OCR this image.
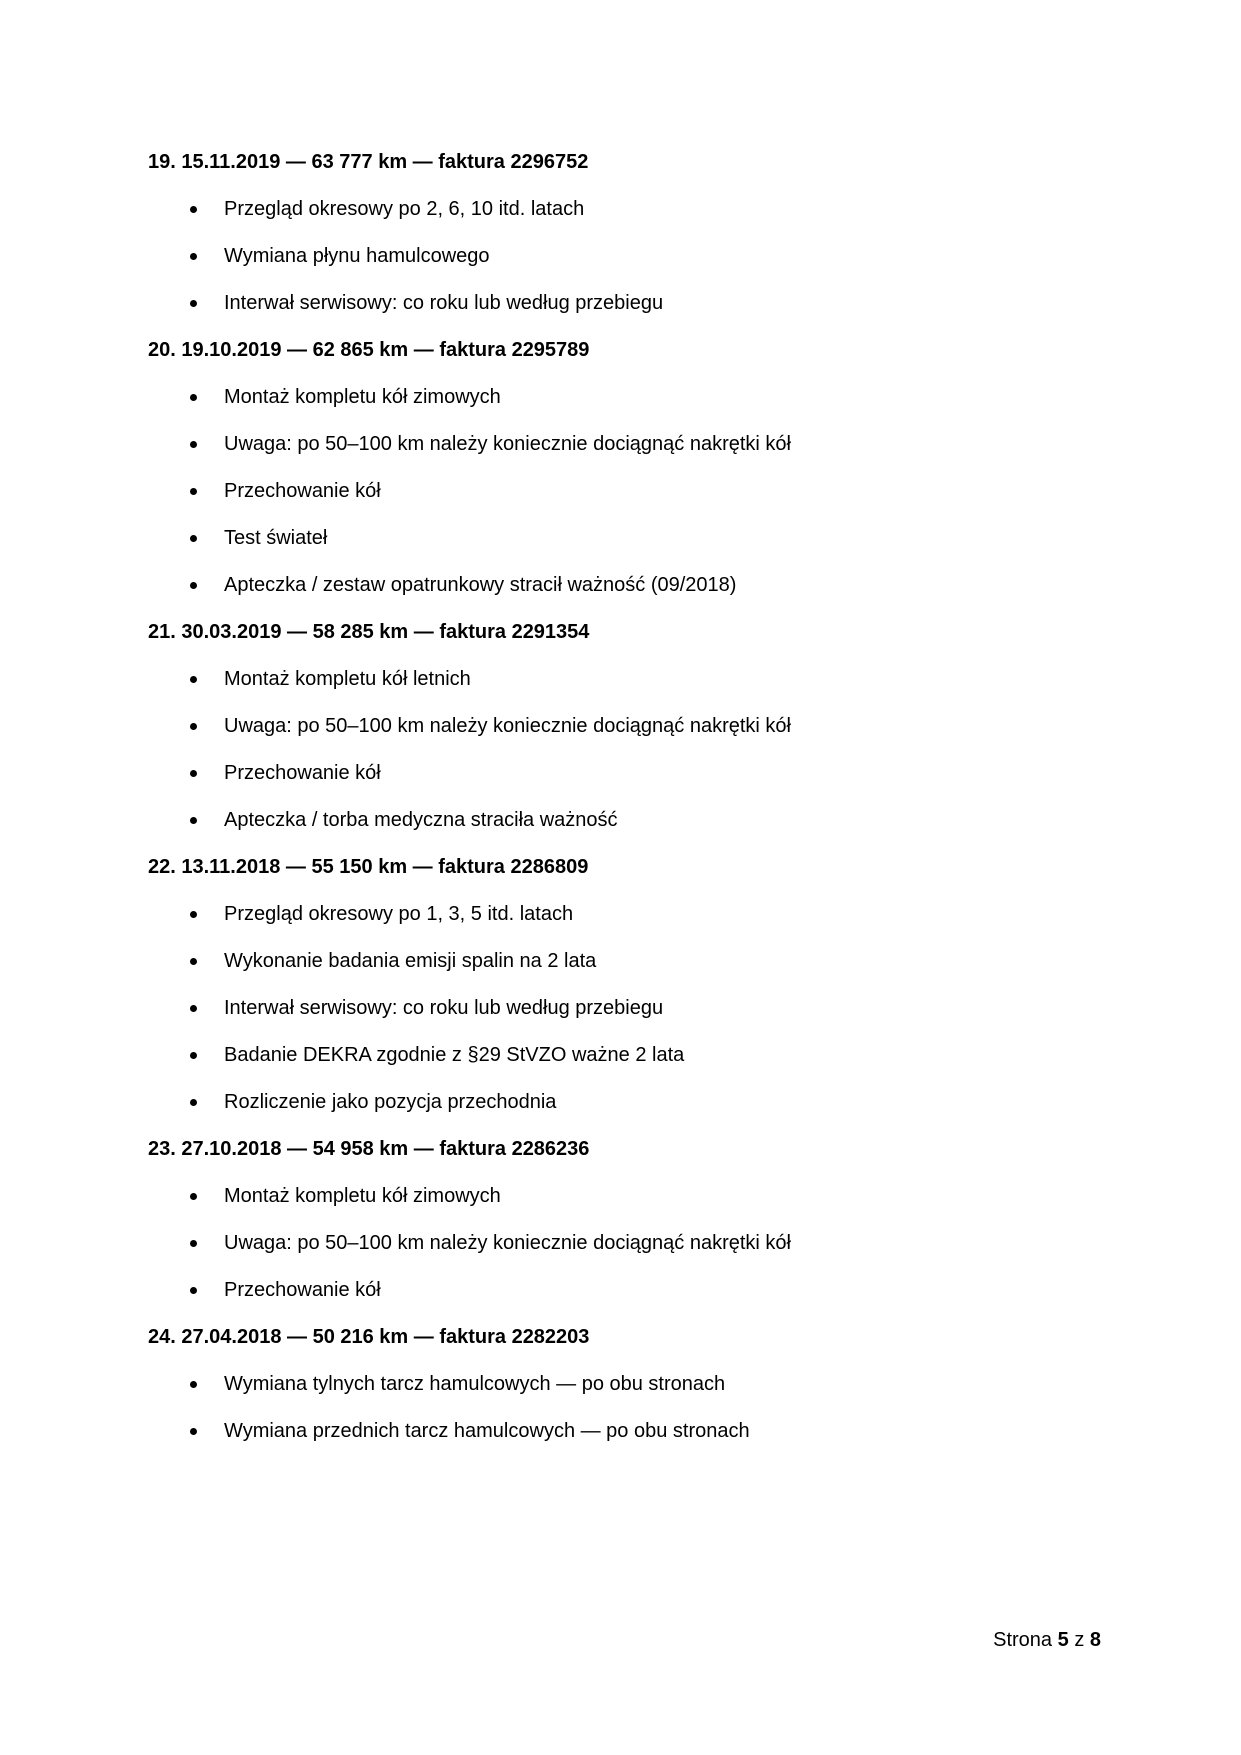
19. 15.11.2019 — 63 777 km — faktura 2296752
Przegląd okresowy po 2, 6, 10 itd. latach
Wymiana płynu hamulcowego
Interwał serwisowy: co roku lub według przebiegu
20. 19.10.2019 — 62 865 km — faktura 2295789
Montaż kompletu kół zimowych
Uwaga: po 50–100 km należy koniecznie dociągnąć nakrętki kół
Przechowanie kół
Test świateł
Apteczka / zestaw opatrunkowy stracił ważność (09/2018)
21. 30.03.2019 — 58 285 km — faktura 2291354
Montaż kompletu kół letnich
Uwaga: po 50–100 km należy koniecznie dociągnąć nakrętki kół
Przechowanie kół
Apteczka / torba medyczna straciła ważność
22. 13.11.2018 — 55 150 km — faktura 2286809
Przegląd okresowy po 1, 3, 5 itd. latach
Wykonanie badania emisji spalin na 2 lata
Interwał serwisowy: co roku lub według przebiegu
Badanie DEKRA zgodnie z §29 StVZO ważne 2 lata
Rozliczenie jako pozycja przechodnia
23. 27.10.2018 — 54 958 km — faktura 2286236
Montaż kompletu kół zimowych
Uwaga: po 50–100 km należy koniecznie dociągnąć nakrętki kół
Przechowanie kół
24. 27.04.2018 — 50 216 km — faktura 2282203
Wymiana tylnych tarcz hamulcowych — po obu stronach
Wymiana przednich tarcz hamulcowych — po obu stronach
Strona 5 z 8
